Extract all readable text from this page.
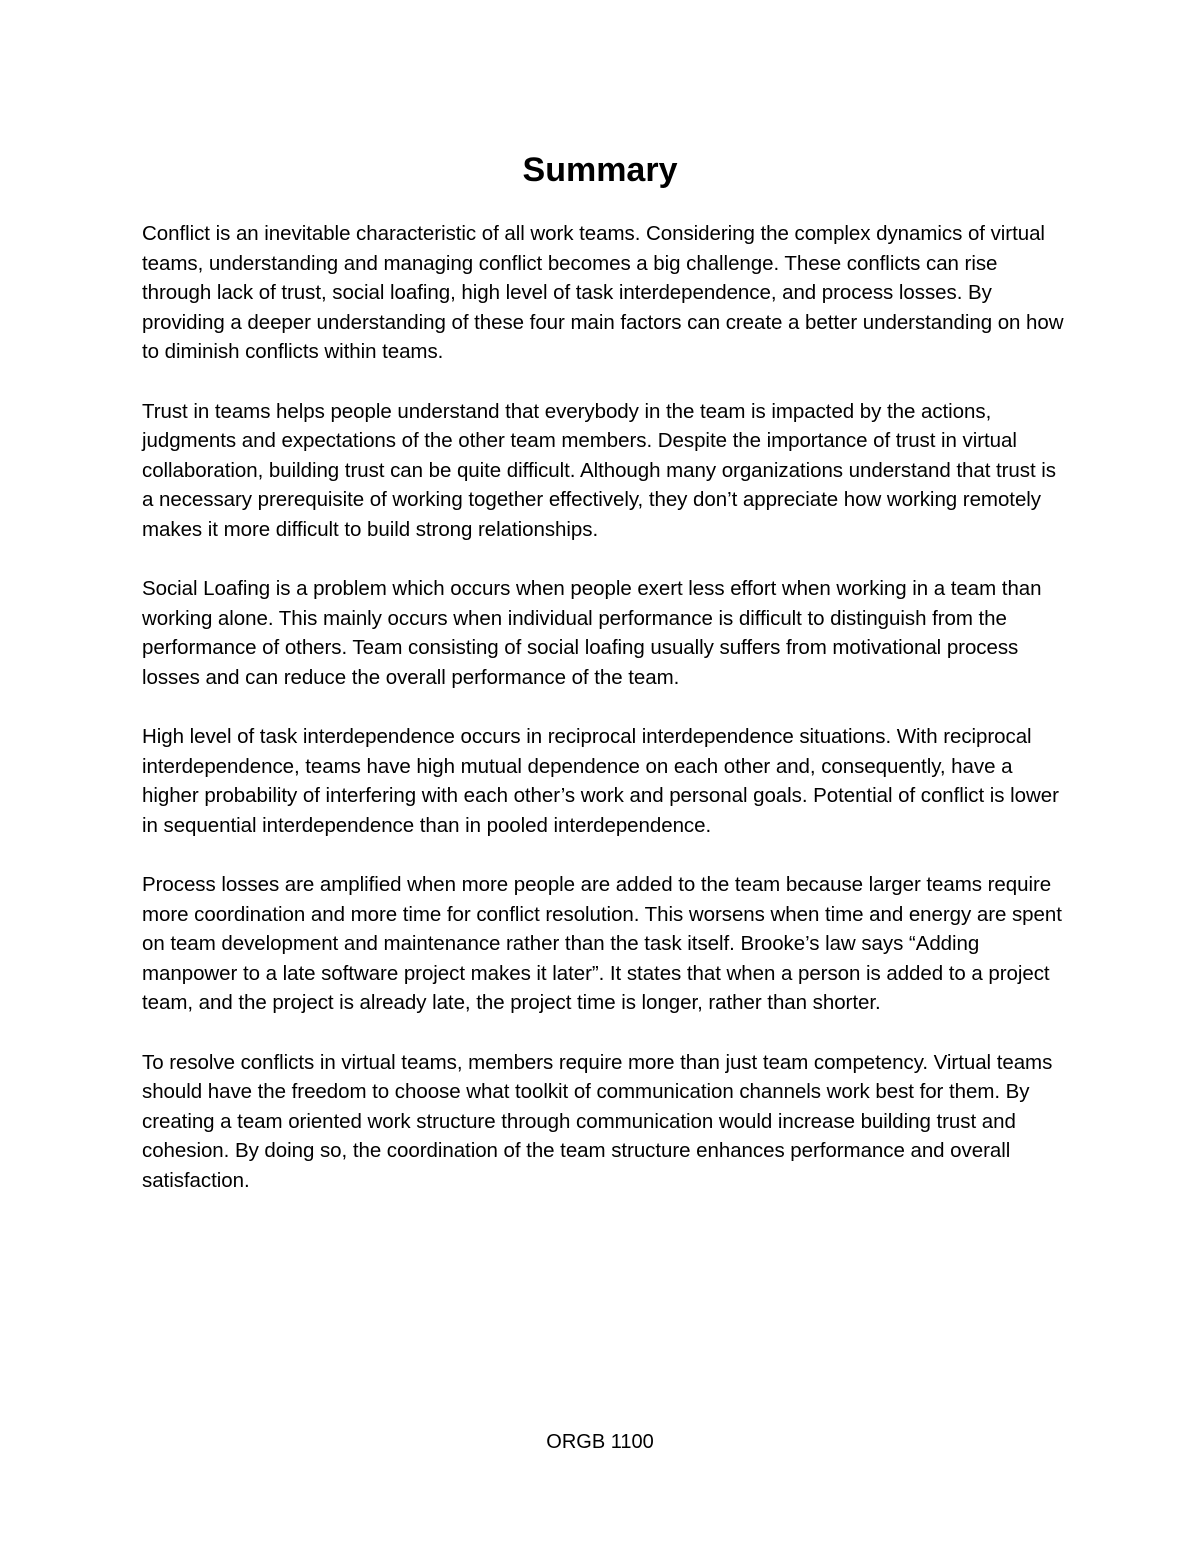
Summary

Conflict is an inevitable characteristic of all work teams. Considering the complex dynamics of virtual teams, understanding and managing conflict becomes a big challenge. These conflicts can rise through lack of trust, social loafing, high level of task interdependence, and process losses. By providing a deeper understanding of these four main factors can create a better understanding on how to diminish conflicts within teams.

Trust in teams helps people understand that everybody in the team is impacted by the actions, judgments and expectations of the other team members. Despite the importance of trust in virtual collaboration, building trust can be quite difficult. Although many organizations understand that trust is a necessary prerequisite of working together effectively, they don’t appreciate how working remotely makes it more difficult to build strong relationships.

Social Loafing is a problem which occurs when people exert less effort when working in a team than working alone. This mainly occurs when individual performance is difficult to distinguish from the performance of others. Team consisting of social loafing usually suffers from motivational process losses and can reduce the overall performance of the team.

High level of task interdependence occurs in reciprocal interdependence situations. With reciprocal interdependence, teams have high mutual dependence on each other and, consequently, have a higher probability of interfering with each other’s work and personal goals. Potential of conflict is lower in sequential interdependence than in pooled interdependence.

Process losses are amplified when more people are added to the team because larger teams require more coordination and more time for conflict resolution. This worsens when time and energy are spent on team development and maintenance rather than the task itself. Brooke’s law says “Adding manpower to a late software project makes it later”. It states that when a person is added to a project team, and the project is already late, the project time is longer, rather than shorter.

To resolve conflicts in virtual teams, members require more than just team competency. Virtual teams should have the freedom to choose what toolkit of communication channels work best for them. By creating a team oriented work structure through communication would increase building trust and cohesion. By doing so, the coordination of the team structure enhances performance and overall satisfaction.

ORGB 1100
